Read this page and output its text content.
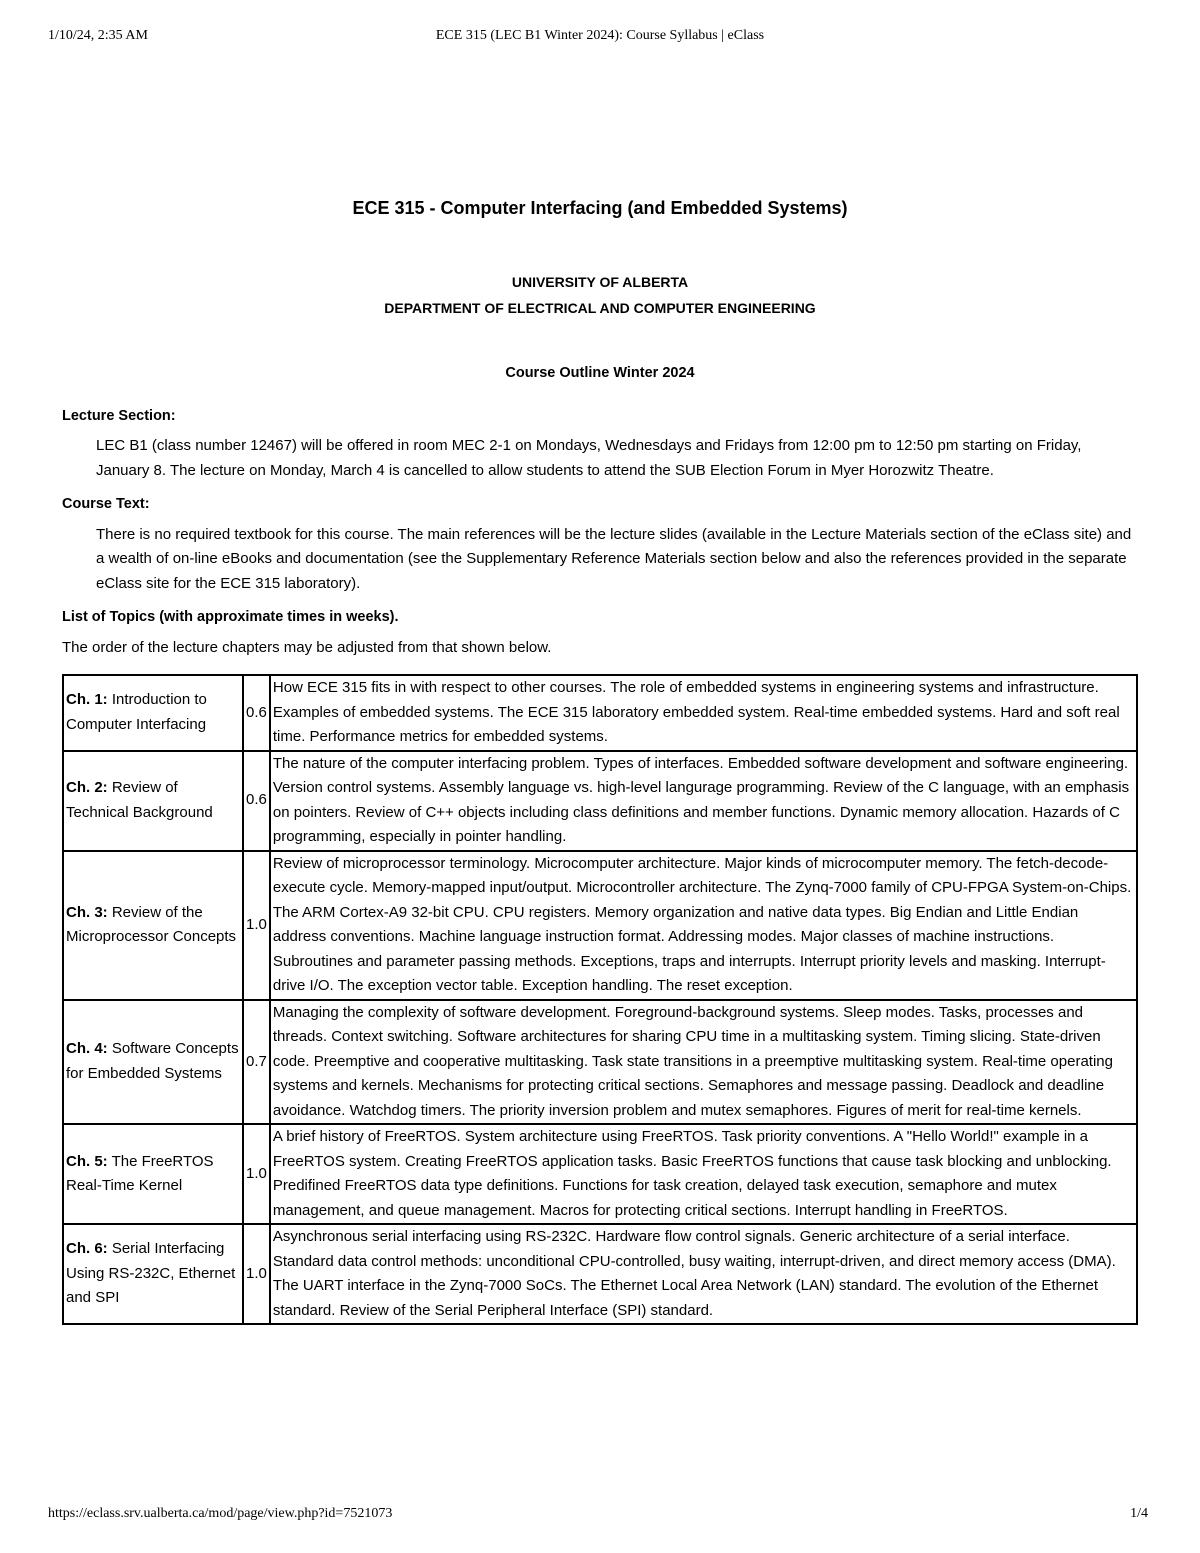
1/10/24, 2:35 AM	ECE 315 (LEC B1 Winter 2024): Course Syllabus | eClass
ECE 315 - Computer Interfacing (and Embedded Systems)
UNIVERSITY OF ALBERTA
DEPARTMENT OF ELECTRICAL AND COMPUTER ENGINEERING
Course Outline Winter 2024
Lecture Section:
LEC B1 (class number 12467) will be offered in room MEC 2-1 on Mondays, Wednesdays and Fridays from 12:00 pm to 12:50 pm starting on Friday, January 8. The lecture on Monday, March 4 is cancelled to allow students to attend the SUB Election Forum in Myer Horozwitz Theatre.
Course Text:
There is no required textbook for this course. The main references will be the lecture slides (available in the Lecture Materials section of the eClass site) and a wealth of on-line eBooks and documentation (see the Supplementary Reference Materials section below and also the references provided in the separate eClass site for the ECE 315 laboratory).
List of Topics (with approximate times in weeks).
The order of the lecture chapters may be adjusted from that shown below.
Ch. 1: Introduction to Computer Interfacing	0.6	How ECE 315 fits in with respect to other courses. The role of embedded systems in engineering systems and infrastructure. Examples of embedded systems. The ECE 315 laboratory embedded system. Real-time embedded systems. Hard and soft real time. Performance metrics for embedded systems.
Ch. 2: Review of Technical Background	0.6	The nature of the computer interfacing problem. Types of interfaces. Embedded software development and software engineering. Version control systems. Assembly language vs. high-level langurage programming. Review of the C language, with an emphasis on pointers. Review of C++ objects including class definitions and member functions. Dynamic memory allocation. Hazards of C programming, especially in pointer handling.
Ch. 3: Review of the Microprocessor Concepts	1.0	Review of microprocessor terminology. Microcomputer architecture. Major kinds of microcomputer memory. The fetch-decode-execute cycle. Memory-mapped input/output. Microcontroller architecture. The Zynq-7000 family of CPU-FPGA System-on-Chips. The ARM Cortex-A9 32-bit CPU. CPU registers. Memory organization and native data types. Big Endian and Little Endian address conventions. Machine language instruction format. Addressing modes. Major classes of machine instructions. Subroutines and parameter passing methods. Exceptions, traps and interrupts. Interrupt priority levels and masking. Interrupt-drive I/O. The exception vector table. Exception handling. The reset exception.
Ch. 4: Software Concepts for Embedded Systems	0.7	Managing the complexity of software development. Foreground-background systems. Sleep modes. Tasks, processes and threads. Context switching. Software architectures for sharing CPU time in a multitasking system. Timing slicing. State-driven code. Preemptive and cooperative multitasking. Task state transitions in a preemptive multitasking system. Real-time operating systems and kernels. Mechanisms for protecting critical sections. Semaphores and message passing. Deadlock and deadline avoidance. Watchdog timers. The priority inversion problem and mutex semaphores. Figures of merit for real-time kernels.
Ch. 5: The FreeRTOS Real-Time Kernel	1.0	A brief history of FreeRTOS. System architecture using FreeRTOS. Task priority conventions. A "Hello World!" example in a FreeRTOS system. Creating FreeRTOS application tasks. Basic FreeRTOS functions that cause task blocking and unblocking. Predifined FreeRTOS data type definitions. Functions for task creation, delayed task execution, semaphore and mutex management, and queue management. Macros for protecting critical sections. Interrupt handling in FreeRTOS.
Ch. 6: Serial Interfacing Using RS-232C, Ethernet and SPI	1.0	Asynchronous serial interfacing using RS-232C. Hardware flow control signals. Generic architecture of a serial interface. Standard data control methods: unconditional CPU-controlled, busy waiting, interrupt-driven, and direct memory access (DMA). The UART interface in the Zynq-7000 SoCs. The Ethernet Local Area Network (LAN) standard. The evolution of the Ethernet standard. Review of the Serial Peripheral Interface (SPI) standard.
https://eclass.srv.ualberta.ca/mod/page/view.php?id=7521073	1/4
